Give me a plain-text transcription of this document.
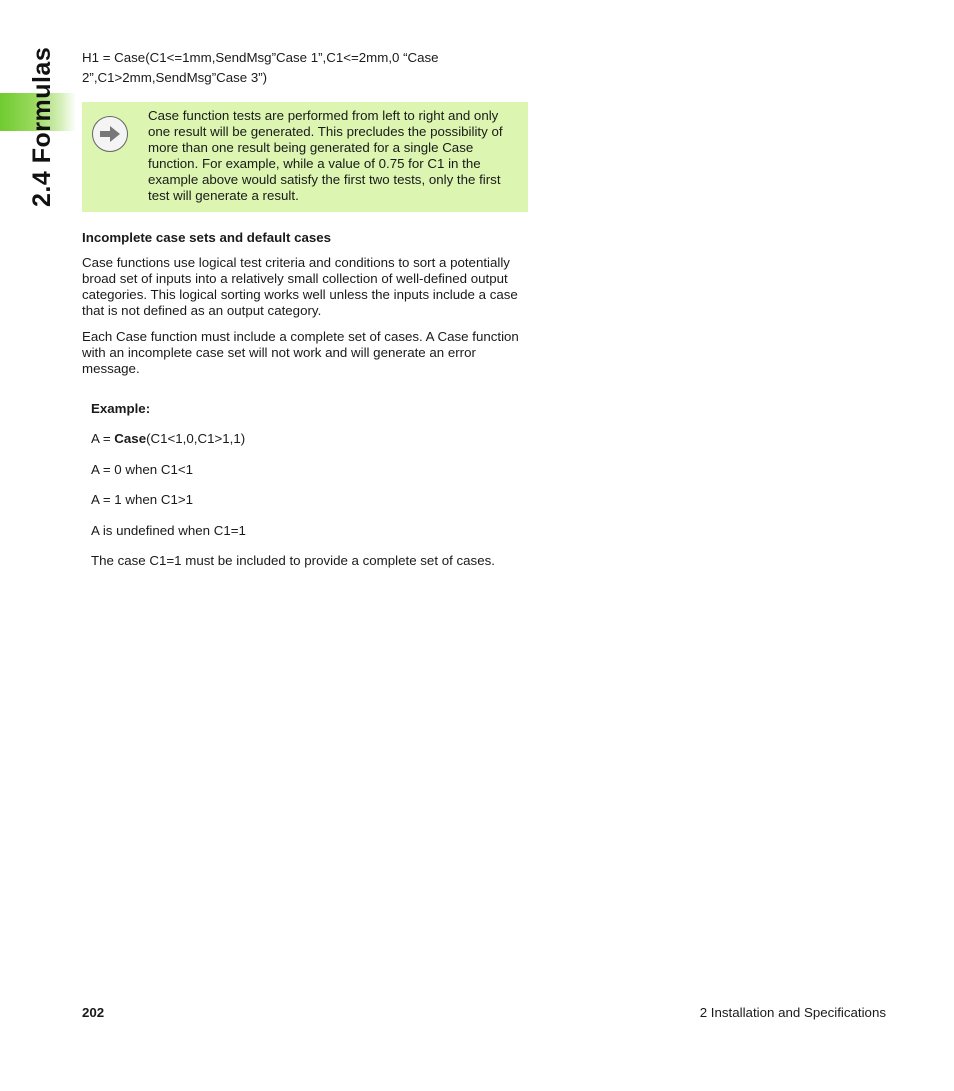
2.4 Formulas H1 = Case(C1<=1mm,SendMsg”Case 1”,C1<=2mm,0 “Case
2”,C1>2mm,SendMsg”Case 3”)
Case function tests are performed from left to right and only one result will be generated. This precludes the possibility of more than one result being generated for a single Case function. For example, while a value of 0.75 for C1 in the example above would satisfy the first two tests, only the first test will generate a result.
Incomplete case sets and default cases

Case functions use logical test criteria and conditions to sort a potentially broad set of inputs into a relatively small collection of well-defined output categories. This logical sorting works well unless the inputs include a case that is not defined as an output category.

Each Case function must include a complete set of cases. A Case function with an incomplete case set will not work and will generate an error message.

Example:

A = Case(C1<1,0,C1>1,1)

A = 0 when C1<1

A = 1 when C1>1

A is undefined when C1=1

The case C1=1 must be included to provide a complete set of cases.

202	2 Installation and Specifications
